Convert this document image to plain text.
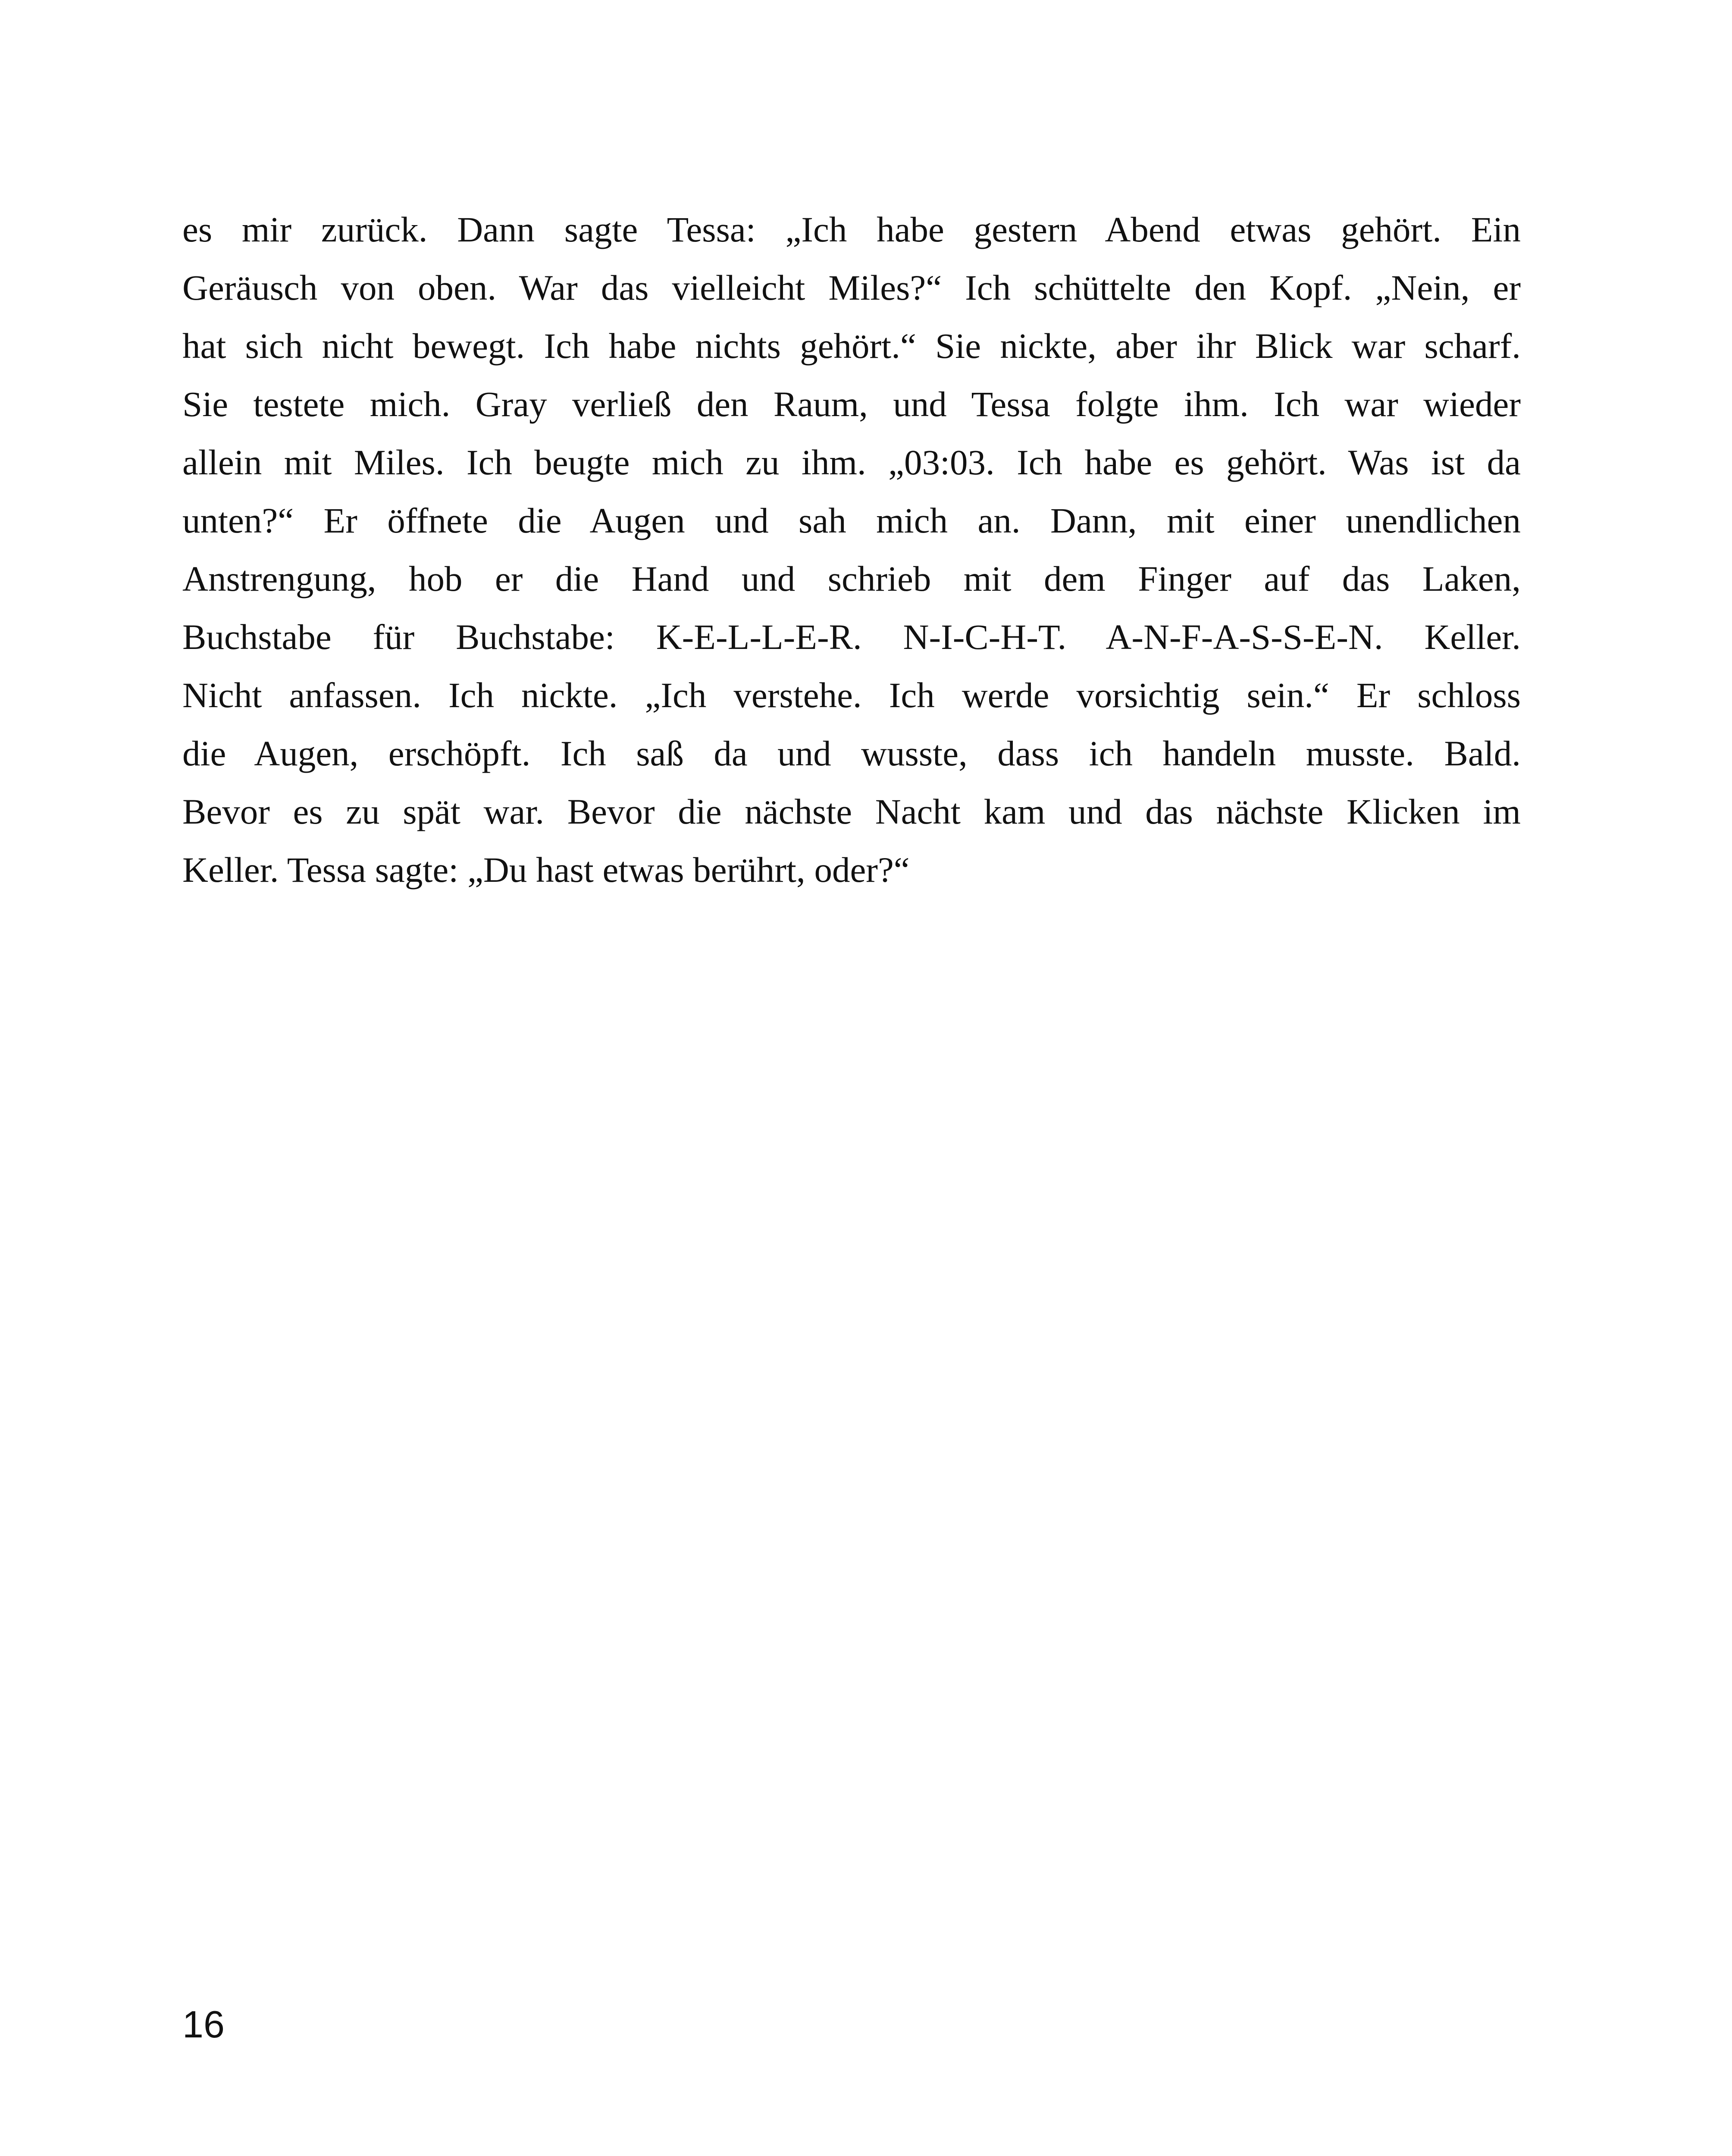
es mir zurück. Dann sagte Tessa: „Ich habe gestern Abend etwas gehört. Ein
Geräusch von oben. War das vielleicht Miles?“ Ich schüttelte den Kopf. „Nein, er
hat sich nicht bewegt. Ich habe nichts gehört.“ Sie nickte, aber ihr Blick war scharf.
Sie testete mich. Gray verließ den Raum, und Tessa folgte ihm. Ich war wieder
allein mit Miles. Ich beugte mich zu ihm. „03:03. Ich habe es gehört. Was ist da
unten?“ Er öffnete die Augen und sah mich an. Dann, mit einer unendlichen
Anstrengung, hob er die Hand und schrieb mit dem Finger auf das Laken,
Buchstabe für Buchstabe: K-E-L-L-E-R. N-I-C-H-T. A-N-F-A-S-S-E-N. Keller.
Nicht anfassen. Ich nickte. „Ich verstehe. Ich werde vorsichtig sein.“ Er schloss
die Augen, erschöpft. Ich saß da und wusste, dass ich handeln musste. Bald.
Bevor es zu spät war. Bevor die nächste Nacht kam und das nächste Klicken im
Keller. Tessa sagte: „Du hast etwas berührt, oder?“

16
